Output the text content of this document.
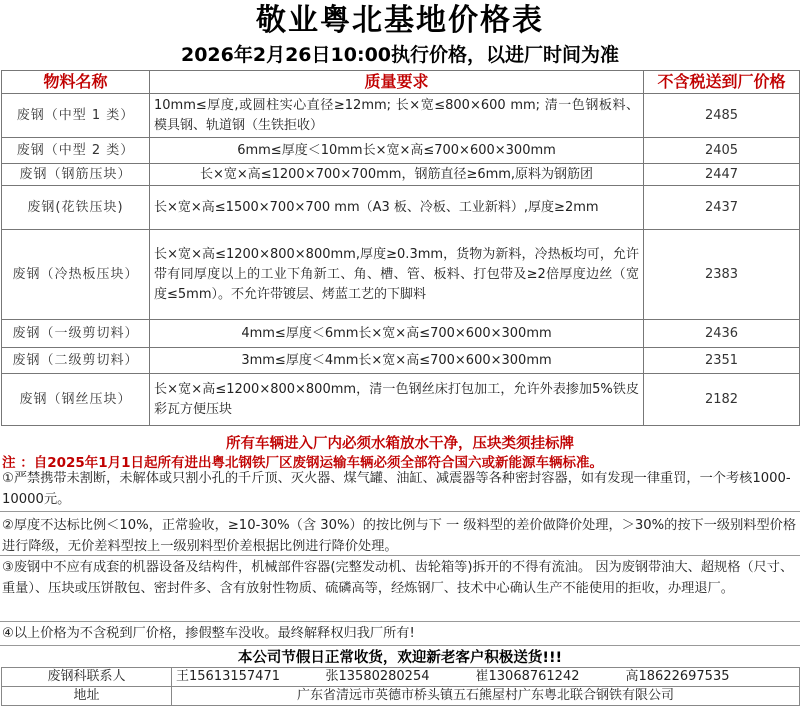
敬业粤北基地价格表
2026年2月26日10:00执行价格，以进厂时间为准
物料名称	质量要求	不含税送到厂价格
废钢（中型 1 类）	10mm≤厚度,或圆柱实心直径≥12mm; 长×宽≤800×600 mm; 清一色钢板料、模具钢、轨道钢（生铁拒收）	2485
废钢（中型 2 类）	6mm≤厚度＜10mm长×宽×高≤700×600×300mm	2405
废钢（钢筋压块）	长×宽×高≤1200×700×700mm，钢筋直径≥6mm,原料为钢筋团	2447
废钢(花铁压块)	长×宽×高≤1500×700×700 mm（A3 板、冷板、工业新料）,厚度≥2mm	2437
废钢（冷热板压块）	长×宽×高≤1200×800×800mm,厚度≥0.3mm，货物为新料，冷热板均可，允许带有同厚度以上的工业下角新工、角、槽、管、板料、打包带及≥2倍厚度边丝（宽度≤5mm）。不允许带镀层、烤蓝工艺的下脚料	2383
废钢（一级剪切料）	4mm≤厚度＜6mm长×宽×高≤700×600×300mm	2436
废钢（二级剪切料）	3mm≤厚度＜4mm长×宽×高≤700×600×300mm	2351
废钢（钢丝压块）	长×宽×高≤1200×800×800mm，清一色钢丝床打包加工，允许外表掺加5%铁皮彩瓦方便压块	2182
所有车辆进入厂内必须水箱放水干净，压块类须挂标牌
注 ：自2025年1月1日起所有进出粤北钢铁厂区废钢运输车辆必须全部符合国六或新能源车辆标准。
①严禁携带未割断，未解体或只割小孔的千斤顶、灭火器、煤气罐、油缸、减震器等各种密封容器，如有发现一律重罚，一个考核1000-10000元。
②厚度不达标比例＜10%，正常验收，≥10-30%（含 30%）的按比例与下 一 级料型的差价做降价处理，＞30%的按下一级别料型价格进行降级，无价差料型按上一级别料型价差根据比例进行降价处理。
③废钢中不应有成套的机器设备及结构件，机械部件容器(完整发动机、齿轮箱等)拆开的不得有流油。 因为废钢带油大、超规格（尺寸、重量）、压块或压饼散包、密封件多、含有放射性物质、硫磷高等，经炼钢厂、技术中心确认生产不能使用的拒收，办理退厂。
④以上价格为不含税到厂价格，掺假整车没收。最终解释权归我厂所有!
本公司节假日正常收货，欢迎新老客户积极送货!!!
废钢科联系人	王15613157471	张13580280254	崔13068761242	高18622697535
地址	广东省清远市英德市桥头镇五石熊屋村广东粤北联合钢铁有限公司			
